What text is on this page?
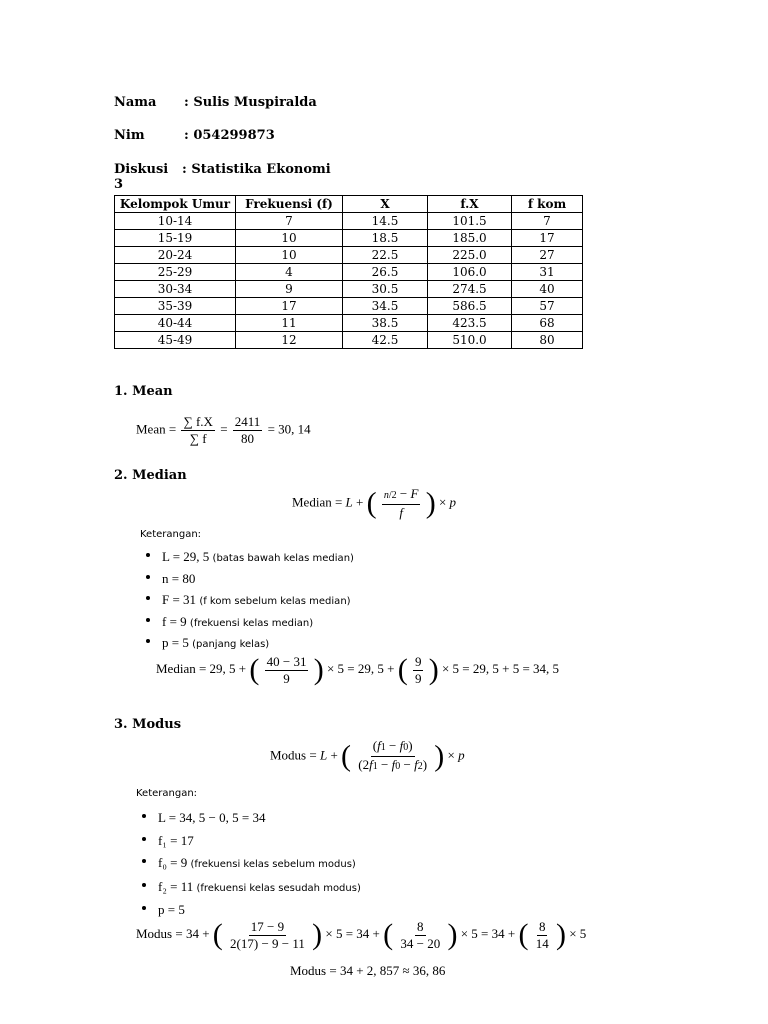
Nama : Sulis Muspiralda
Nim	: 054299873
Diskusi 3
: Statistika Ekonomi
Kelompok Umur	Frekuensi (f)	X	f.X	f kom
10-14	7	14.5	101.5	7
15-19	10	18.5	185.0	17
20-24	10	22.5	225.0	27
25-29	4	26.5	106.0	31
30-34	9	30.5	274.5	40
35-39	17	34.5	586.5	57
40-44	11	38.5	423.5	68
45-49	12	42.5	510.0	80
1. Mean
Mean = $\frac{\sum f.X}{\sum f} = \frac{2411}{80} = 30$, 14
2. Median
Median = L + ( $\frac{n/2 - F}{f}$ ) × p
Keterangan:
L = 29, 5 (batas bawah kelas median)
n = 80
F = 31 (f kom sebelum kelas median)
f = 9 (frekuensi kelas median)
p = 5 (panjang kelas)
Median = 29, 5 + ( $\frac{40 - 31}{9}$ ) × 5 = 29, 5 + ( $\frac{9}{9}$ ) × 5 = 29, 5 + 5 = 34, 5
3. Modus
Modus = L + ( $\frac{(f1 - f0)}{(2f1 - f0 - f2)}$ ) × p
Keterangan:
L = 34, 5 − 0, 5 = 34
f₁ = 17
f₀ = 9 (frekuensi kelas sebelum modus)
f₂ = 11 (frekuensi kelas sesudah modus)
p = 5
Modus = 34 + ( $\frac{17 - 9}{2(17) - 9 - 11}$ ) × 5 = 34 + ( $\frac{8}{34 - 20}$ ) × 5 = 34 + ( $\frac{8}{14}$ ) × 5
Modus = 34 + 2, 857 ≈ 36, 86
